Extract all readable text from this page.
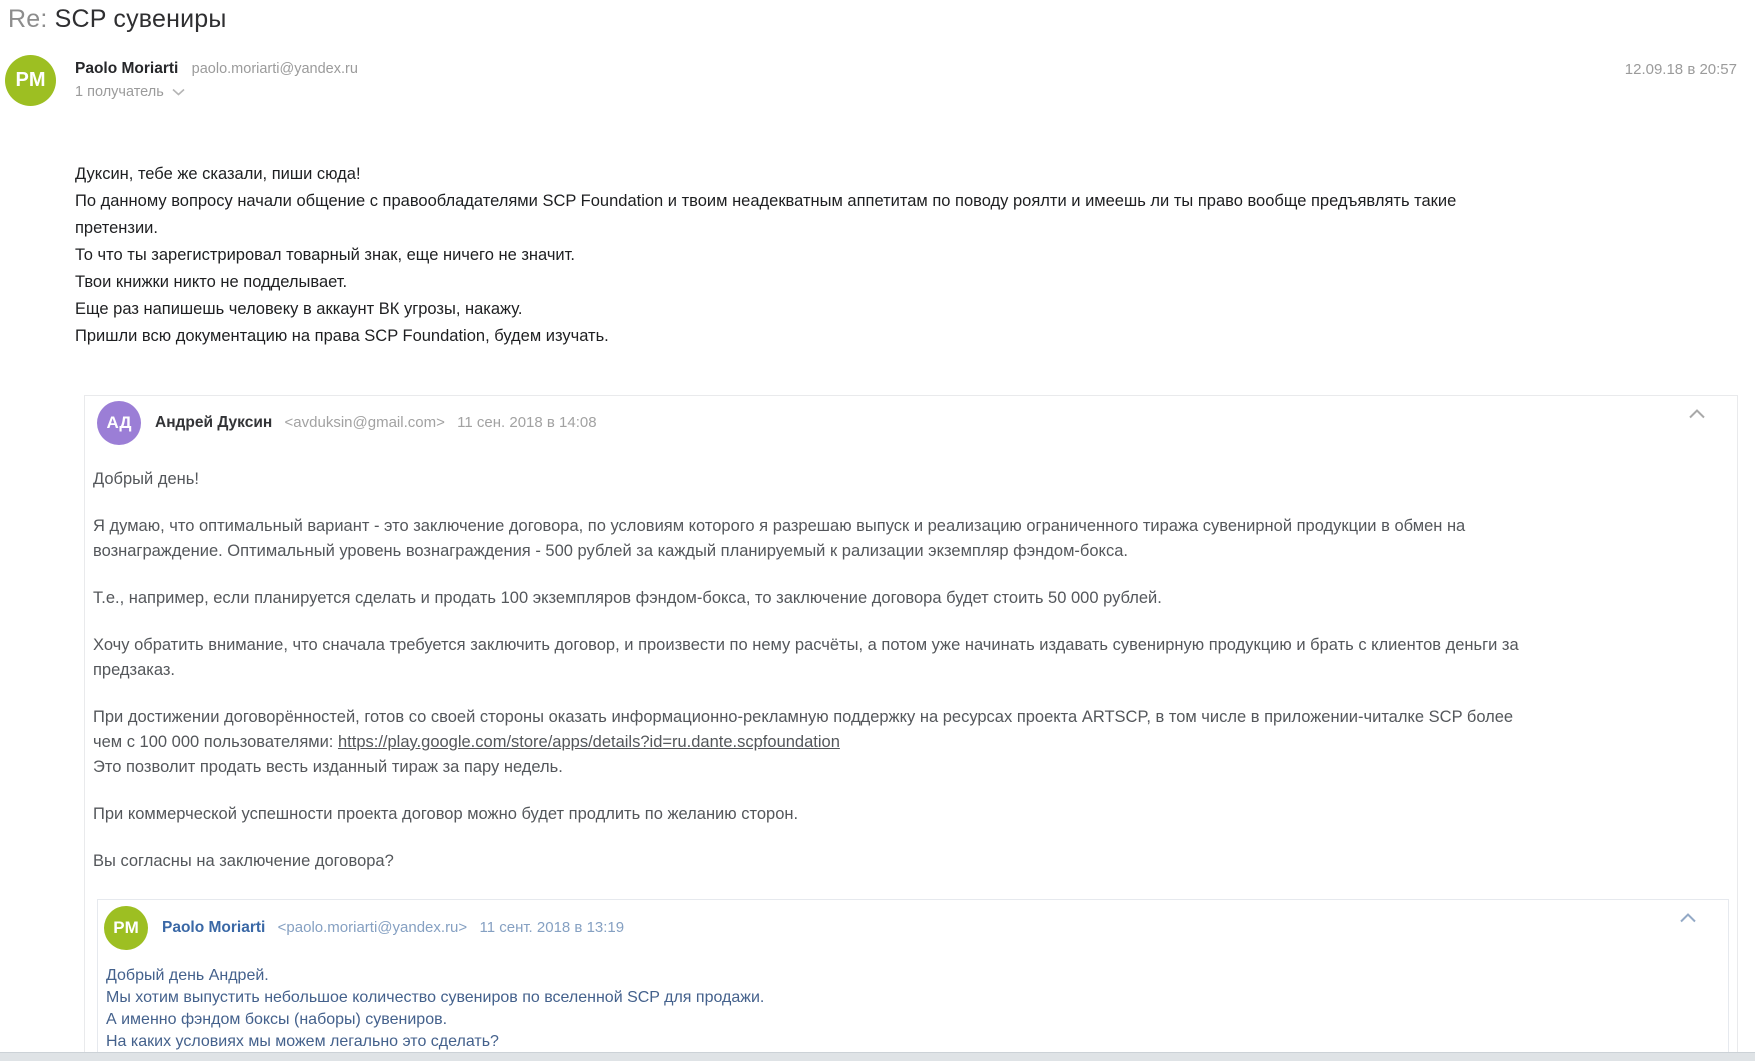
Re: SCP сувениры
PM
Paolo Moriarti paolo.moriarti@yandex.ru
1 получатель
12.09.18 в 20:57
Дуксин, тебе же сказали, пиши сюда!
По данному вопросу начали общение с правообладателями SCP Foundation и твоим неадекватным аппетитам по поводу роялти и имеешь ли ты право вообще предъявлять такие претензии.
То что ты зарегистрировал товарный знак, еще ничего не значит.
Твои книжки никто не подделывает.
Еще раз напишешь человеку в аккаунт ВК угрозы, накажу.
Пришли всю документацию на права SCP Foundation, будем изучать.
АД Андрей Дуксин <avduksin@gmail.com> 11 сен. 2018 в 14:08

Добрый день!

Я думаю, что оптимальный вариант - это заключение договора, по условиям которого я разрешаю выпуск и реализацию ограниченного тиража сувенирной продукции в обмен на вознаграждение. Оптимальный уровень вознаграждения - 500 рублей за каждый планируемый к рализации экземпляр фэндом-бокса.

Т.е., например, если планируется сделать и продать 100 экземпляров фэндом-бокса, то заключение договора будет стоить 50 000 рублей.

Хочу обратить внимание, что сначала требуется заключить договор, и произвести по нему расчёты, а потом уже начинать издавать сувенирную продукцию и брать с клиентов деньги за предзаказ.

При достижении договорённостей, готов со своей стороны оказать информационно-рекламную поддержку на ресурсах проекта ARTSCP, в том числе в приложении-читалке SCP более чем с 100 000 пользователями: https://play.google.com/store/apps/details?id=ru.dante.scpfoundation
Это позволит продать весть изданный тираж за пару недель.

При коммерческой успешности проекта договор можно будет продлить по желанию сторон.

Вы согласны на заключение договора?

PM Paolo Moriarti <paolo.moriarti@yandex.ru> 11 сент. 2018 в 13:19
Добрый день Андрей.
Мы хотим выпустить небольшое количество сувениров по вселенной SCP для продажи.
А именно фэндом боксы (наборы) сувениров.
На каких условиях мы можем легально это сделать?
